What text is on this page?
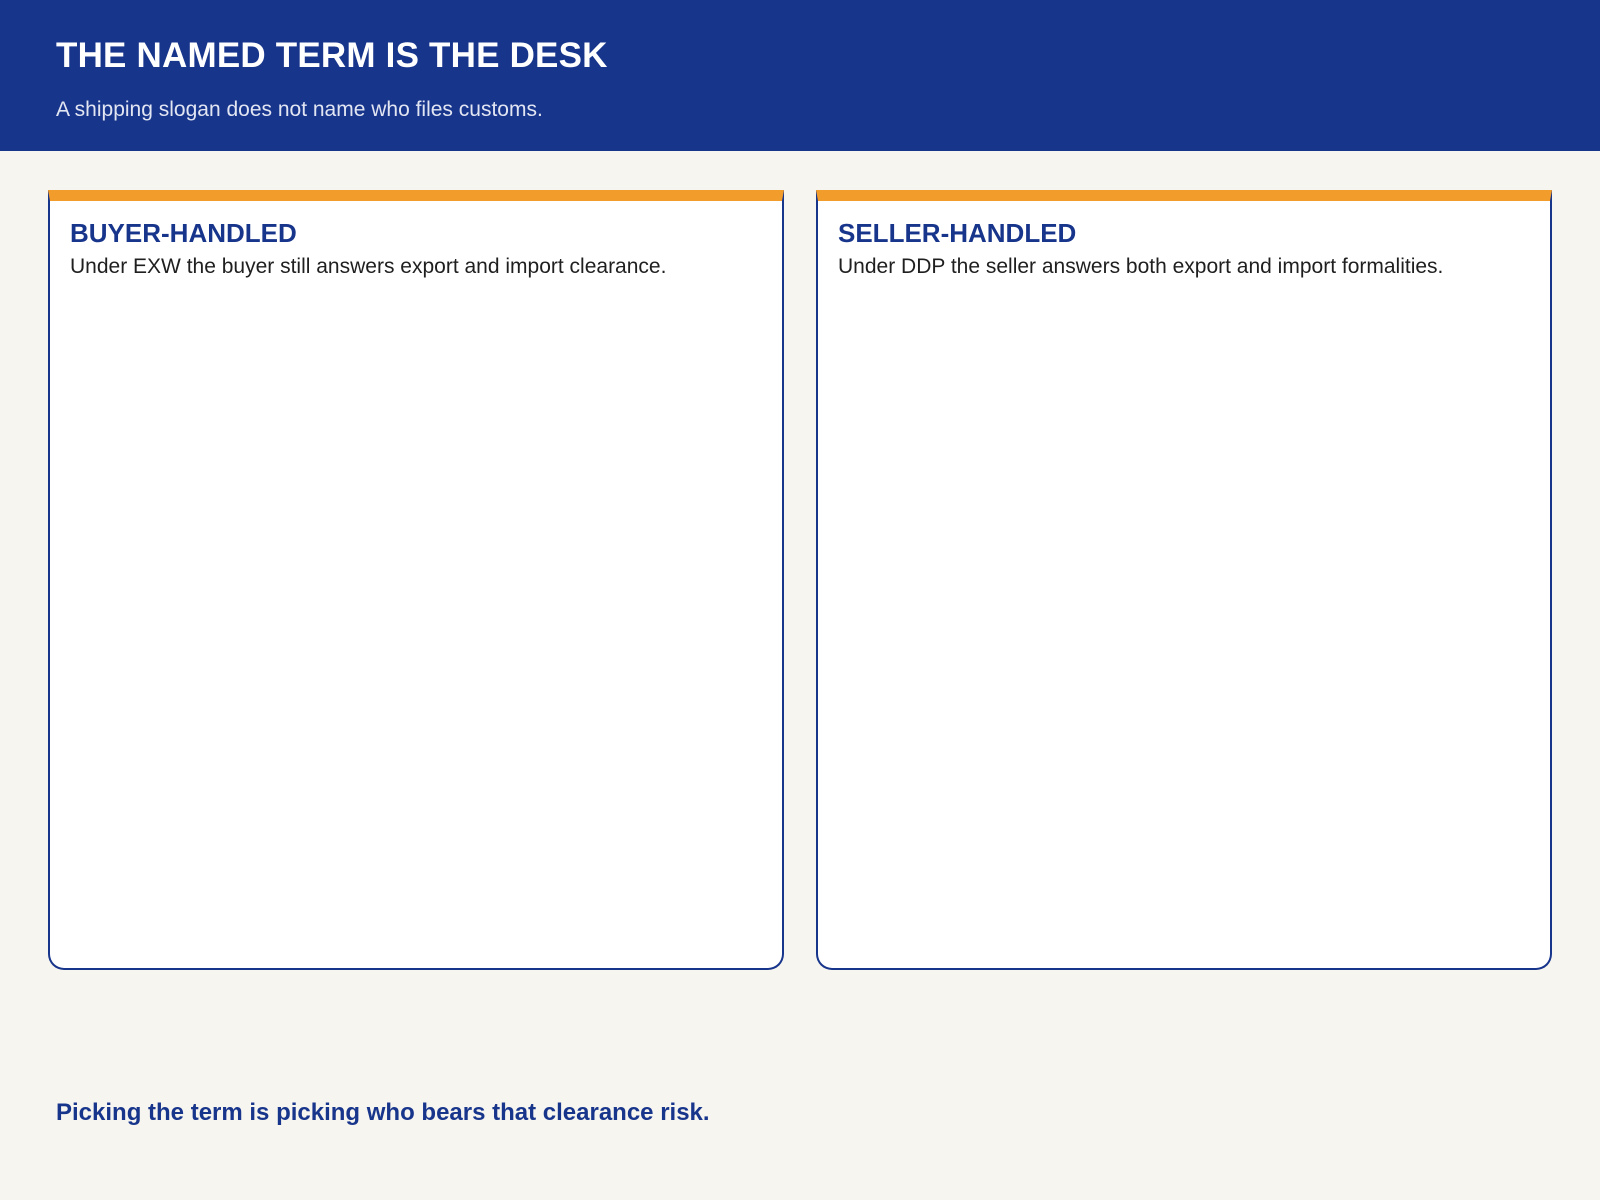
THE NAMED TERM IS THE DESK

A shipping slogan does not name who files customs.

BUYER-HANDLED

Under EXW the buyer still answers export and import clearance.

SELLER-HANDLED

Under DDP the seller answers both export and import formalities.

Picking the term is picking who bears that clearance risk.
